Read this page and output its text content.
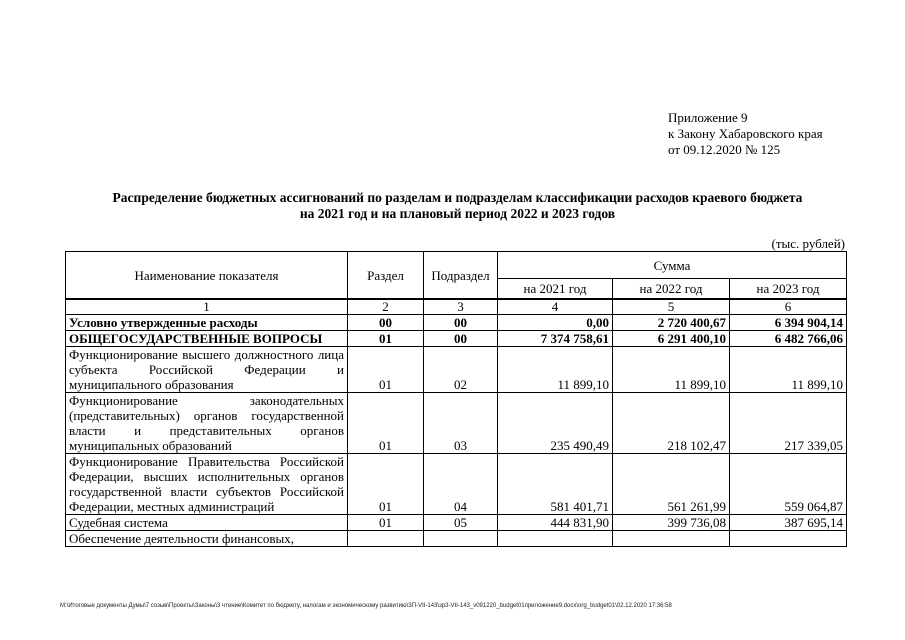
Приложение 9
к Закону Хабаровского края
от 09.12.2020 № 125
Распределение бюджетных ассигнований по разделам и подразделам классификации расходов краевого бюджета
на 2021 год и на плановый период 2022 и 2023 годов
(тыс. рублей)
Наименование показателя	Раздел	Подраздел	Сумма		
			на 2021 год	на 2022 год	на 2023 год
1	2	3	4	5	6
Условно утвержденные расходы	00	00	0,00	2 720 400,67	6 394 904,14
ОБЩЕГОСУДАРСТВЕННЫЕ ВОПРОСЫ	01	00	7 374 758,61	6 291 400,10	6 482 766,06
Функционирование высшего должностного лица субъекта Российской Федерации и муниципального образования	01	02	11 899,10	11 899,10	11 899,10
Функционирование законодательных (представительных) органов государственной власти и представительных органов муниципальных образований	01	03	235 490,49	218 102,47	217 339,05
Функционирование Правительства Российской Федерации, высших исполнительных органов государственной власти субъектов Российской Федерации, местных администраций	01	04	581 401,71	561 261,99	559 064,87
Судебная система	01	05	444 831,90	399 736,08	387 695,14
Обеспечение деятельности финансовых,					
M:\Итоговые документы Думы\7 созыв\Проекты\Законы\3 чтение\Комитет по бюджету, налогам и экономическому развитию\ЗП-VII-143\зр3-VII-143_v091220_budget01приложение9.docx\org_budget01\02.12.2020 17:36:58
